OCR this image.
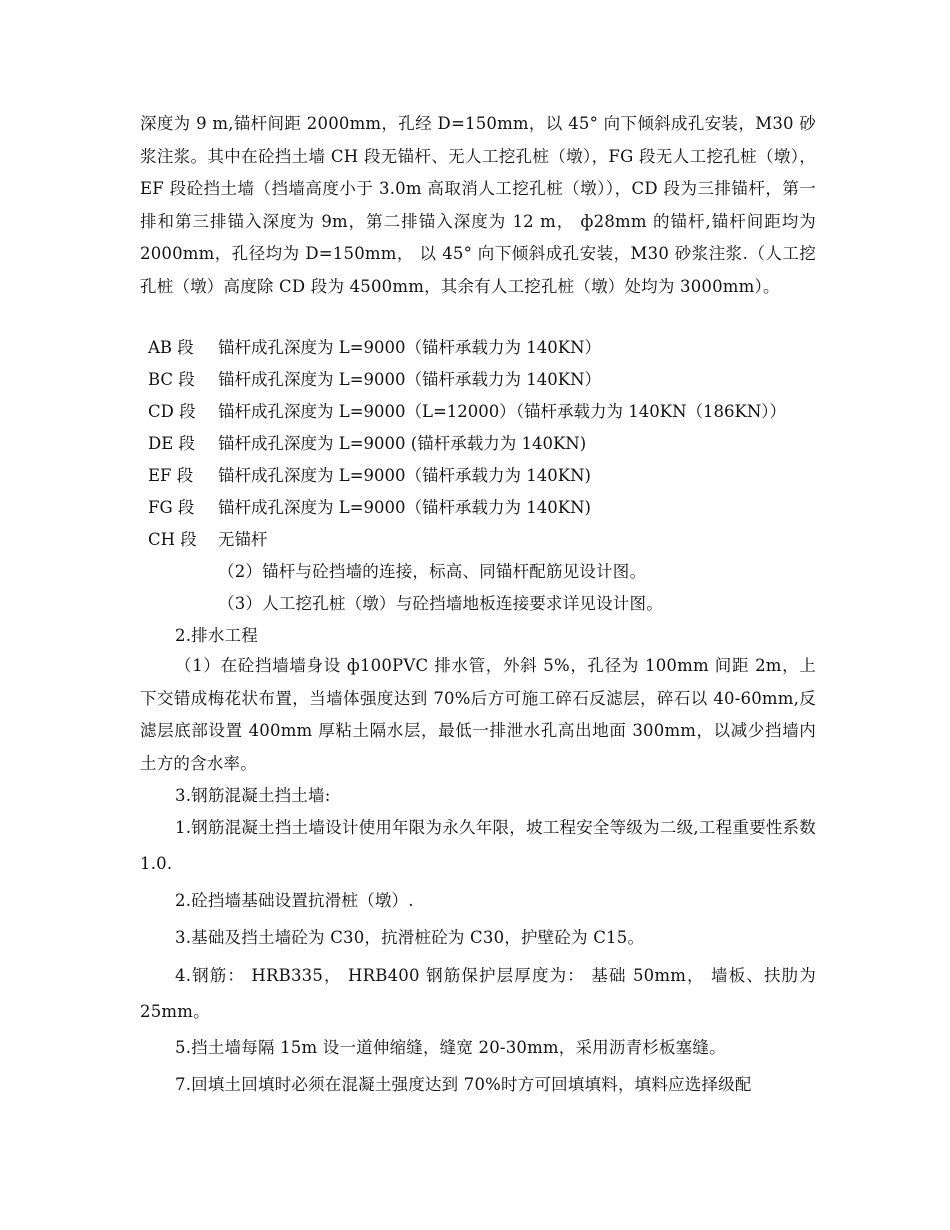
深度为 9 m,锚杆间距 2000mm，孔经 D=150mm，以 45° 向下倾斜成孔安装，M30 砂浆注浆。其中在砼挡土墙 CH 段无锚杆、无人工挖孔桩（墩），FG 段无人工挖孔桩（墩），EF 段砼挡土墙（挡墙高度小于 3.0m 高取消人工挖孔桩（墩）），CD 段为三排锚杆，第一排和第三排锚入深度为 9m，第二排锚入深度为 12 m， ф28mm 的锚杆,锚杆间距均为 2000mm，孔径均为 D=150mm， 以 45° 向下倾斜成孔安装，M30 砂浆注浆.（人工挖孔桩（墩）高度除 CD 段为 4500mm，其余有人工挖孔桩（墩）处均为 3000mm）。
AB 段 锚杆成孔深度为 L=9000（锚杆承载力为 140KN）
BC 段 锚杆成孔深度为 L=9000（锚杆承载力为 140KN）
CD 段 锚杆成孔深度为 L=9000（L=12000）（锚杆承载力为 140KN（186KN））
DE 段 锚杆成孔深度为 L=9000 (锚杆承载力为 140KN)
EF 段 锚杆成孔深度为 L=9000（锚杆承载力为 140KN)
FG 段 锚杆成孔深度为 L=9000（锚杆承载力为 140KN)
CH 段 无锚杆
（2）锚杆与砼挡墙的连接，标高、同锚杆配筋见设计图。
（3）人工挖孔桩（墩）与砼挡墙地板连接要求详见设计图。
2.排水工程
（1）在砼挡墙墙身设 ф100PVC 排水管，外斜 5%，孔径为 100mm 间距 2m，上下交错成梅花状布置，当墙体强度达到 70%后方可施工碎石反滤层，碎石以 40-60mm,反滤层底部设置 400mm 厚粘土隔水层，最低一排泄水孔高出地面 300mm，以减少挡墙内土方的含水率。
3.钢筋混凝土挡土墙:
1.钢筋混凝土挡土墙设计使用年限为永久年限，坡工程安全等级为二级,工程重要性系数 1.0.
2.砼挡墙基础设置抗滑桩（墩）.
3.基础及挡土墙砼为 C30，抗滑桩砼为 C30，护壁砼为 C15。
4.钢筋： HRB335， HRB400 钢筋保护层厚度为： 基础 50mm， 墙板、扶肋为 25mm。
5.挡土墙每隔 15m 设一道伸缩缝，缝宽 20-30mm，采用沥青杉板塞缝。
7.回填土回填时必须在混凝土强度达到 70%时方可回填填料，填料应选择级配
